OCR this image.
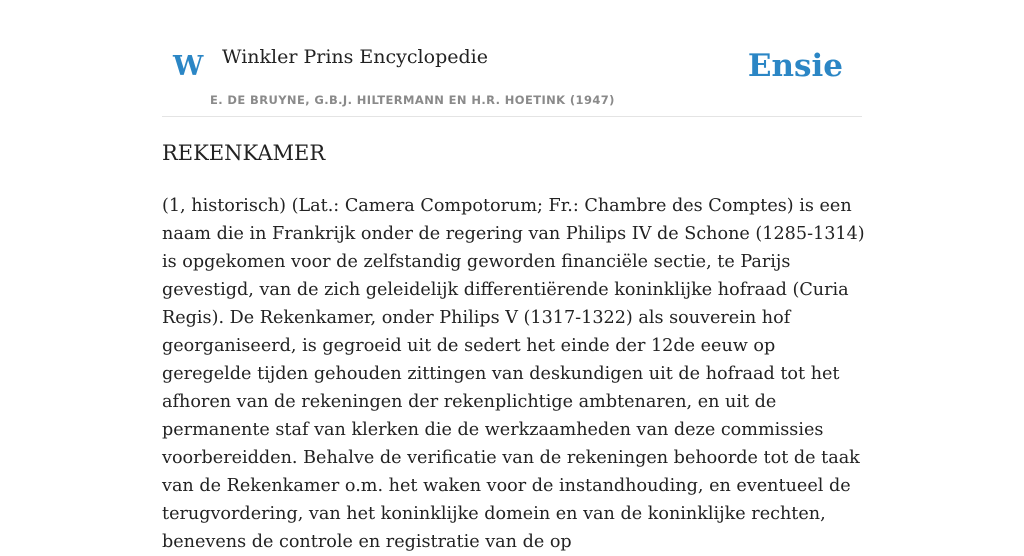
W Winkler Prins Encyclopedie
E. DE BRUYNE, G.B.J. HILTERMANN EN H.R. HOETINK (1947)
Ensie
REKENKAMER

(1, historisch) (Lat.: Camera Compotorum; Fr.: Chambre des Comptes) is een naam die in Frankrijk onder de regering van Philips IV de Schone (1285-1314) is opgekomen voor de zelfstandig geworden financiële sectie, te Parijs gevestigd, van de zich geleidelijk differentiërende koninklijke hofraad (Curia Regis). De Rekenkamer, onder Philips V (1317-1322) als souverein hof georganiseerd, is gegroeid uit de sedert het einde der 12de eeuw op geregelde tijden gehouden zittingen van deskundigen uit de hofraad tot het afhoren van de rekeningen der rekenplichtige ambtenaren, en uit de permanente staf van klerken die de werkzaamheden van deze commissies voorbereidden. Behalve de verificatie van de rekeningen behoorde tot de taak van de Rekenkamer o.m. het waken voor de instandhouding, en eventueel de terugvordering, van het koninklijke domein en van de koninklijke rechten, benevens de controle en registratie van de op
